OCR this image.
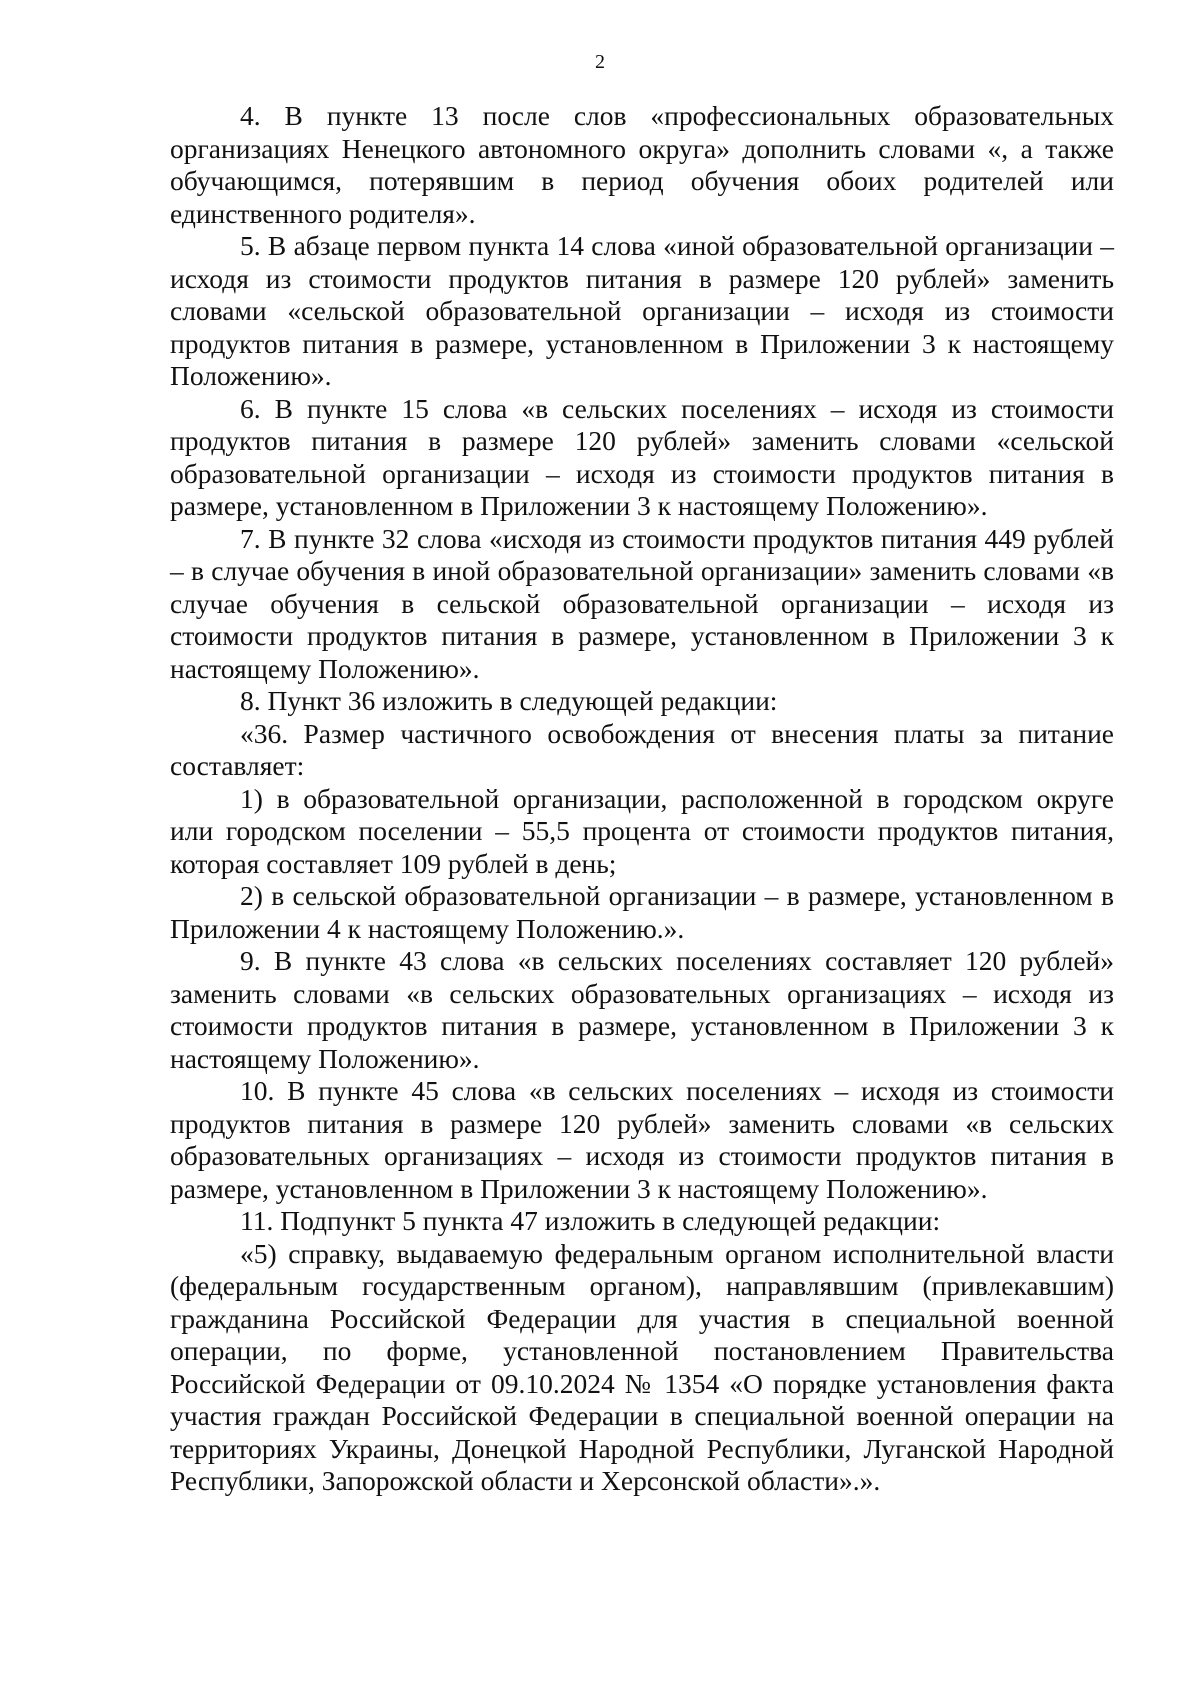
2

4. В пункте 13 после слов «профессиональных образовательных организациях Ненецкого автономного округа» дополнить словами «, а также обучающимся, потерявшим в период обучения обоих родителей или единственного родителя».

5. В абзаце первом пункта 14 слова «иной образовательной организации – исходя из стоимости продуктов питания в размере 120 рублей» заменить словами «сельской образовательной организации – исходя из стоимости продуктов питания в размере, установленном в Приложении 3 к настоящему Положению».

6. В пункте 15 слова «в сельских поселениях – исходя из стоимости продуктов питания в размере 120 рублей» заменить словами «сельской образовательной организации – исходя из стоимости продуктов питания в размере, установленном в Приложении 3 к настоящему Положению».

7. В пункте 32 слова «исходя из стоимости продуктов питания 449 рублей – в случае обучения в иной образовательной организации» заменить словами «в случае обучения в сельской образовательной организации – исходя из стоимости продуктов питания в размере, установленном в Приложении 3 к настоящему Положению».

8. Пункт 36 изложить в следующей редакции:

«36. Размер частичного освобождения от внесения платы за питание составляет:

1) в образовательной организации, расположенной в городском округе или городском поселении – 55,5 процента от стоимости продуктов питания, которая составляет 109 рублей в день;

2) в сельской образовательной организации – в размере, установленном в Приложении 4 к настоящему Положению.».

9. В пункте 43 слова «в сельских поселениях составляет 120 рублей» заменить словами «в сельских образовательных организациях – исходя из стоимости продуктов питания в размере, установленном в Приложении 3 к настоящему Положению».

10. В пункте 45 слова «в сельских поселениях – исходя из стоимости продуктов питания в размере 120 рублей» заменить словами «в сельских образовательных организациях – исходя из стоимости продуктов питания в размере, установленном в Приложении 3 к настоящему Положению».

11. Подпункт 5 пункта 47 изложить в следующей редакции:

«5) справку, выдаваемую федеральным органом исполнительной власти (федеральным государственным органом), направлявшим (привлекавшим) гражданина Российской Федерации для участия в специальной военной операции, по форме, установленной постановлением Правительства Российской Федерации от 09.10.2024 № 1354 «О порядке установления факта участия граждан Российской Федерации в специальной военной операции на территориях Украины, Донецкой Народной Республики, Луганской Народной Республики, Запорожской области и Херсонской области».».
